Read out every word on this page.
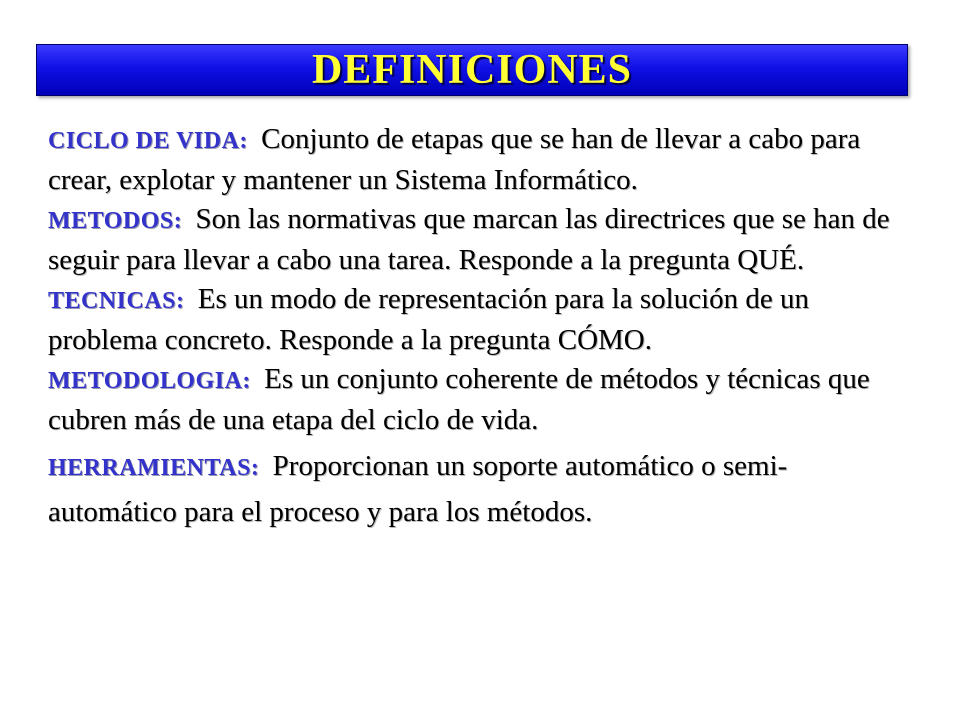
DEFINICIONES

CICLO DE VIDA: Conjunto de etapas que se han de llevar a cabo para crear, explotar y mantener un Sistema Informático.

METODOS: Son las normativas que marcan las directrices que se han de seguir para llevar a cabo una tarea. Responde a la pregunta QUÉ.

TECNICAS: Es un modo de representación para la solución de un problema concreto. Responde a la pregunta CÓMO.

METODOLOGIA: Es un conjunto coherente de métodos y técnicas que cubren más de una etapa del ciclo de vida.

HERRAMIENTAS: Proporcionan un soporte automático o semi-automático para el proceso y para los métodos.
